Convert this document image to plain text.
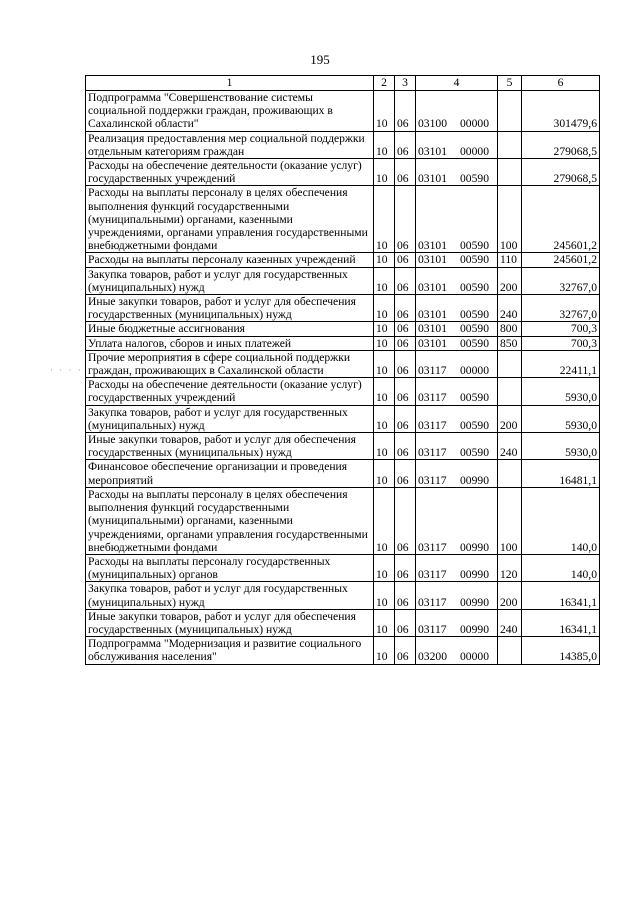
195
1	2	3	4	5	6
Подпрограмма "Совершенствование системы социальной поддержки граждан, проживающих в Сахалинской области"	10	06	03100 00000		301479,6
Реализация предоставления мер социальной поддержки отдельным категориям граждан	10	06	03101 00000		279068,5
Расходы на обеспечение деятельности (оказание услуг) государственных учреждений	10	06	03101 00590		279068,5
Расходы на выплаты персоналу в целях обеспечения выполнения функций государственными (муниципальными) органами, казенными учреждениями, органами управления государственными внебюджетными фондами	10	06	03101 00590	100	245601,2
Расходы на выплаты персоналу казенных учреждений	10	06	03101 00590	110	245601,2
Закупка товаров, работ и услуг для государственных (муниципальных) нужд	10	06	03101 00590	200	32767,0
Иные закупки товаров, работ и услуг для обеспечения государственных (муниципальных) нужд	10	06	03101 00590	240	32767,0
Иные бюджетные ассигнования	10	06	03101 00590	800	700,3
Уплата налогов, сборов и иных платежей	10	06	03101 00590	850	700,3
Прочие мероприятия в сфере социальной поддержки граждан, проживающих в Сахалинской области	10	06	03117 00000		22411,1
Расходы на обеспечение деятельности (оказание услуг) государственных учреждений	10	06	03117 00590		5930,0
Закупка товаров, работ и услуг для государственных (муниципальных) нужд	10	06	03117 00590	200	5930,0
Иные закупки товаров, работ и услуг для обеспечения государственных (муниципальных) нужд	10	06	03117 00590	240	5930,0
Финансовое обеспечение организации и проведения мероприятий	10	06	03117 00990		16481,1
Расходы на выплаты персоналу в целях обеспечения выполнения функций государственными (муниципальными) органами, казенными учреждениями, органами управления государственными внебюджетными фондами	10	06	03117 00990	100	140,0
Расходы на выплаты персоналу государственных (муниципальных) органов	10	06	03117 00990	120	140,0
Закупка товаров, работ и услуг для государственных (муниципальных) нужд	10	06	03117 00990	200	16341,1
Иные закупки товаров, работ и услуг для обеспечения государственных (муниципальных) нужд	10	06	03117 00990	240	16341,1
Подпрограмма "Модернизация и развитие социального обслуживания населения"	10	06	03200 00000		14385,0
· · · ·
